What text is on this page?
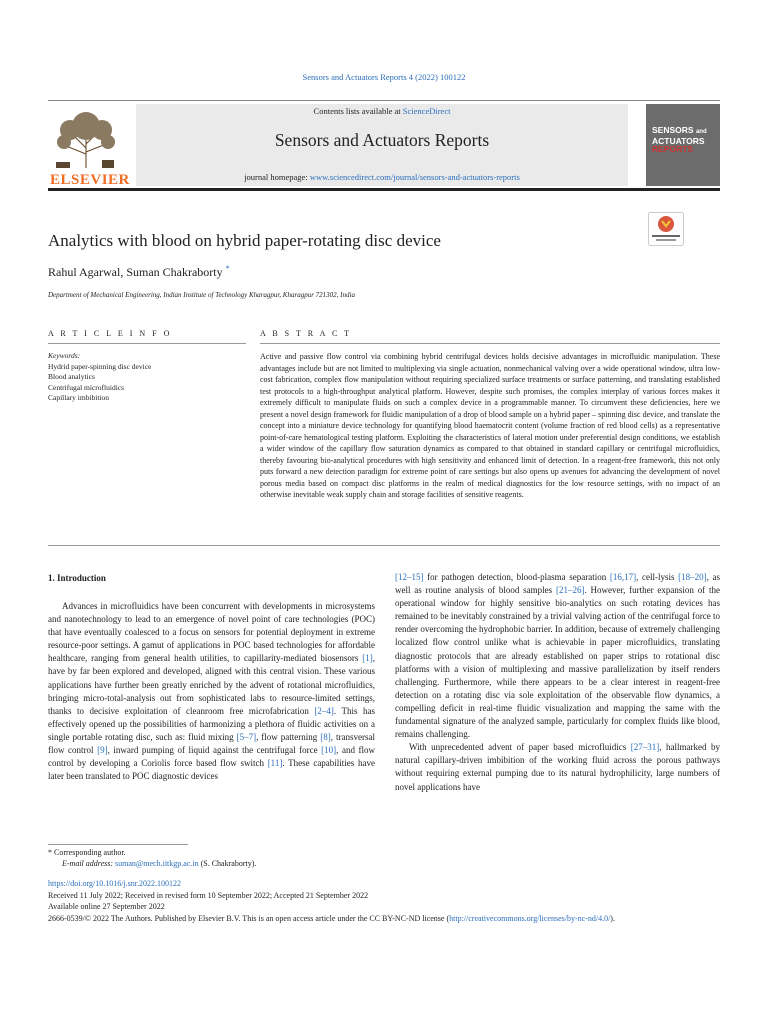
Sensors and Actuators Reports 4 (2022) 100122
ELSEVIER
Contents lists available at ScienceDirect
Sensors and Actuators Reports
journal homepage: www.sciencedirect.com/journal/sensors-and-actuators-reports
SENSORS and
ACTUATORS
REPORTS
Analytics with blood on hybrid paper-rotating disc device
Rahul Agarwal, Suman Chakraborty *
Department of Mechanical Engineering, Indian Institute of Technology Kharagpur, Kharagpur 721302, India
A R T I C L E I N F O	A B S T R A C T
Keywords:
Hydrid paper-spinning disc device
Blood analytics
Centrifugal microfluidics
Capillary imbibition
Active and passive flow control via combining hybrid centrifugal devices holds decisive advantages in microfluidic manipulation. These advantages include but are not limited to multiplexing via single actuation, nonmechanical valving over a wide operational window, ultra low-cost fabrication, complex flow manipulation without requiring specialized surface treatments or surface patterning, and translating established test protocols to a high-throughput analytical platform. However, despite such promises, the complex interplay of various forces makes it extremely difficult to manipulate fluids on such a complex device in a programmable manner. To circumvent these deficiencies, here we present a novel design framework for fluidic manipulation of a drop of blood sample on a hybrid paper – spinning disc device, and translate the concept into a miniature device technology for quantifying blood haematocrit content (volume fraction of red blood cells) as a representative point-of-care hematological testing platform. Exploiting the characteristics of lateral motion under preferential design conditions, we establish a wider window of the capillary flow saturation dynamics as compared to that obtained in standard capillary or centrifugal microfluidics, thereby favouring bio-analytical procedures with high sensitivity and enhanced limit of detection. In a reagent-free framework, this not only puts forward a new detection paradigm for extreme point of care settings but also opens up avenues for advancing the development of novel porous media based on compact disc platforms in the realm of medical diagnostics for the low resource settings, with no impact of an otherwise inevitable weak supply chain and storage facilities of sensitive reagents.
1. Introduction

Advances in microfluidics have been concurrent with developments in microsystems and nanotechnology to lead to an emergence of novel point of care technologies (POC) that have eventually coalesced to a focus on sensors for potential deployment in extreme resource-poor settings. A gamut of applications in POC based technologies for affordable healthcare, ranging from general health utilities, to capillarity-mediated biosensors [1], have by far been explored and developed, aligned with this central vision. These various applications have further been greatly enriched by the advent of rotational microfluidics, bringing micro-total-analysis out from sophisticated labs to resource-limited settings, thanks to decisive exploitation of cleanroom free microfabrication [2–4]. This has effectively opened up the possibilities of harmonizing a plethora of fluidic activities on a single portable rotating disc, such as: fluid mixing [5–7], flow patterning [8], transversal flow control [9], inward pumping of liquid against the centrifugal force [10], and flow control by developing a Coriolis force based flow switch [11]. These capabilities have later been translated to POC diagnostic devices

[12–15] for pathogen detection, blood-plasma separation [16,17], cell-lysis [18–20], as well as routine analysis of blood samples [21–26]. However, further expansion of the operational window for highly sensitive bio-analytics on such rotating devices has remained to be inevitably constrained by a trivial valving action of the centrifugal force to render overcoming the hydrophobic barrier. In addition, because of extremely challenging localized flow control unlike what is achievable in paper microfluidics, translating diagnostic protocols that are already established on paper strips to rotational disc platforms with a vision of multiplexing and massive parallelization by itself renders challenging. Furthermore, while there appears to be a clear interest in reagent-free detection on a rotating disc via sole exploitation of the observable flow dynamics, a compelling deficit in real-time fluidic visualization and mapping the same with the fundamental signature of the analyzed sample, particularly for complex fluids like blood, remains challenging.

With unprecedented advent of paper based microfluidics [27–31], hallmarked by natural capillary-driven imbibition of the working fluid across the porous pathways without requiring external pumping due to its natural hydrophilicity, large numbers of novel applications have

* Corresponding author.
E-mail address: suman@mech.iitkgp.ac.in (S. Chakraborty).
https://doi.org/10.1016/j.snr.2022.100122
Received 11 July 2022; Received in revised form 10 September 2022; Accepted 21 September 2022
Available online 27 September 2022
2666-0539/© 2022 The Authors. Published by Elsevier B.V. This is an open access article under the CC BY-NC-ND license (http://creativecommons.org/licenses/by-nc-nd/4.0/).
